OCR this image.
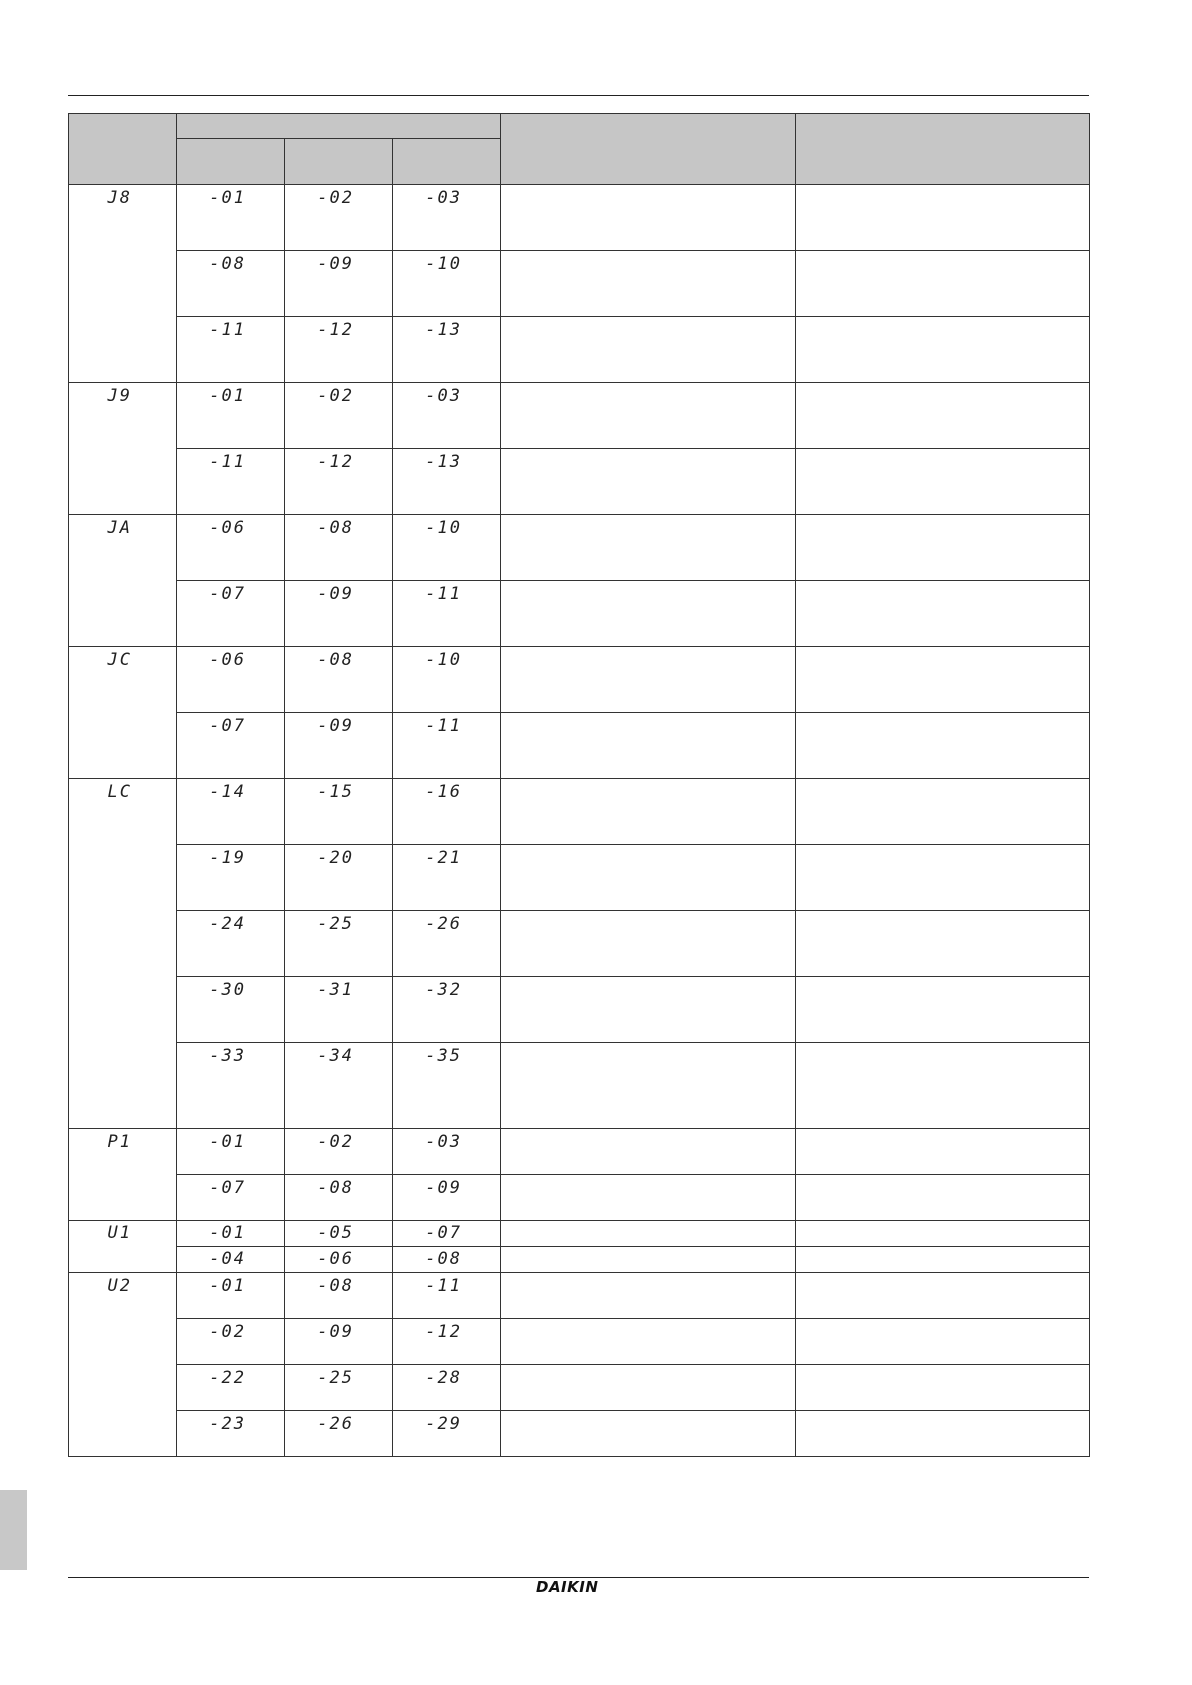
J8	-01	-02	-03		

	-08	-09	-10		

	-11	-12	-13		

J9	-01	-02	-03		

	-11	-12	-13		

JA	-06	-08	-10		

	-07	-09	-11		

JC	-06	-08	-10		

	-07	-09	-11		

LC	-14	-15	-16		

	-19	-20	-21		

	-24	-25	-26		

	-30	-31	-32		

	-33	-34	-35		

P1	-01	-02	-03		

	-07	-08	-09		

U1	-01	-05	-07		

	-04	-06	-08		

U2	-01	-08	-11		

	-02	-09	-12		

	-22	-25	-28		

	-23	-26	-29		

DAIKIN
